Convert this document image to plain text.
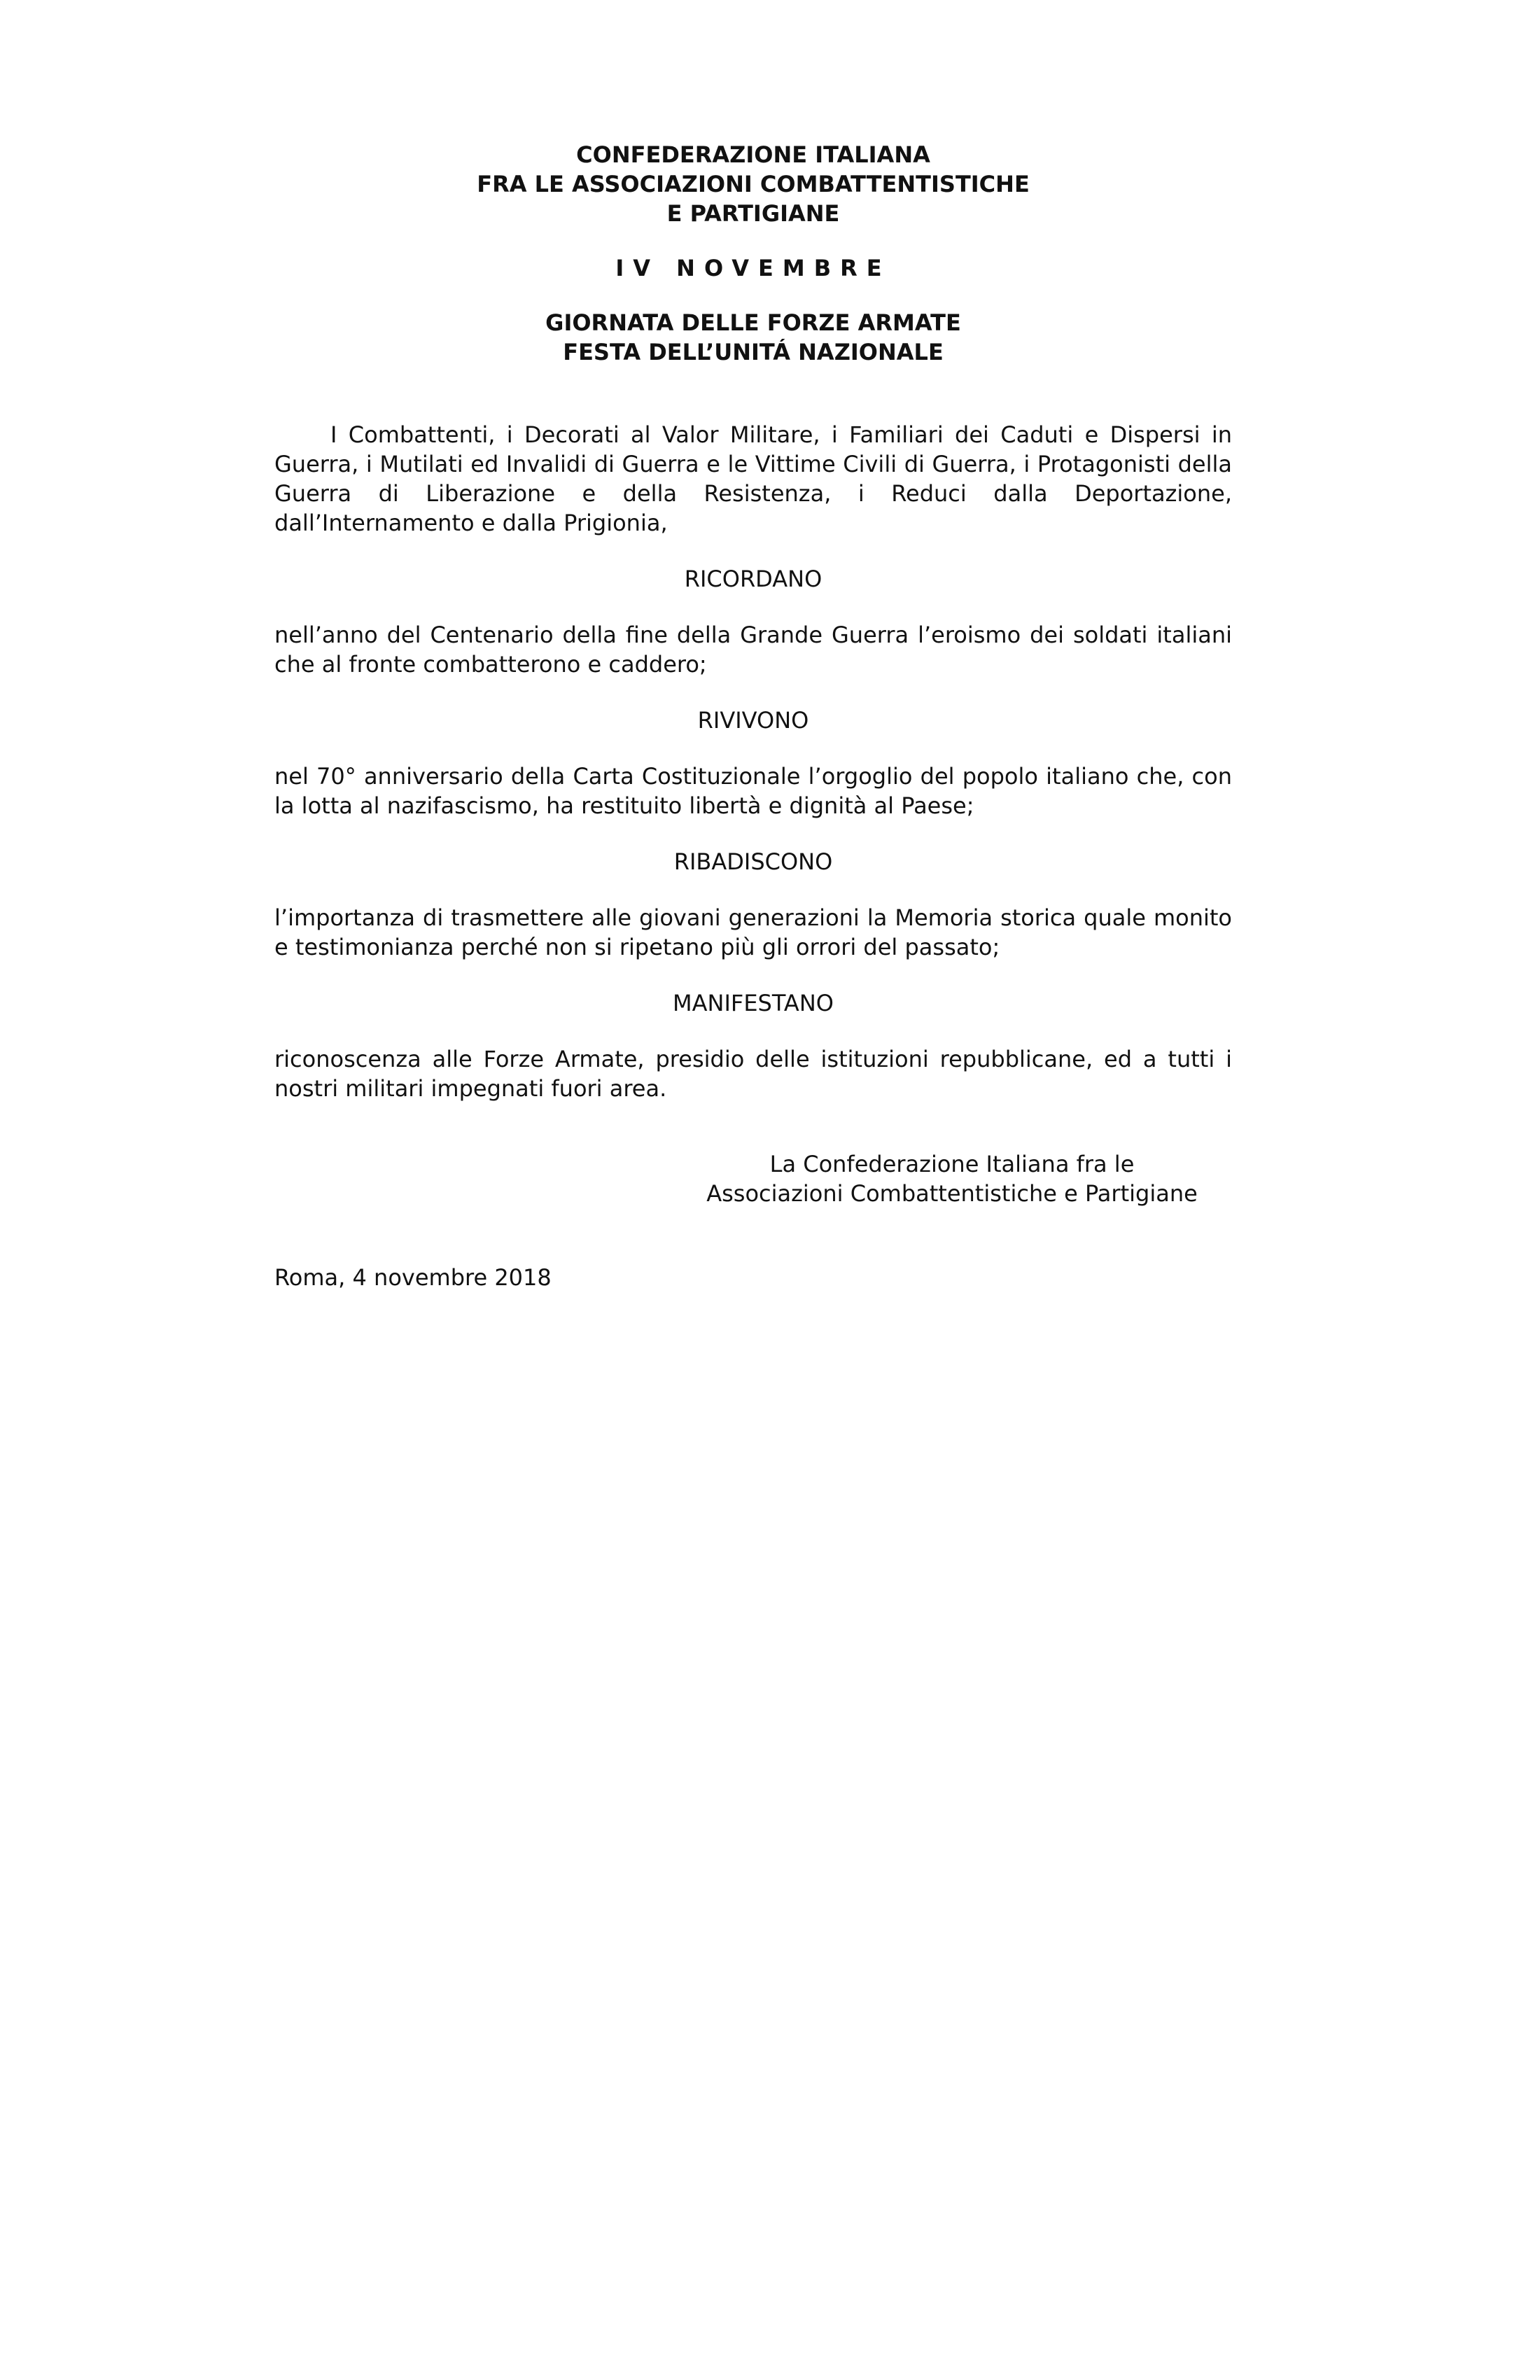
CONFEDERAZIONE ITALIANA
FRA LE ASSOCIAZIONI COMBATTENTISTICHE
E PARTIGIANE
IV NOVEMBRE
GIORNATA DELLE FORZE ARMATE
FESTA DELL’UNITÁ NAZIONALE

I Combattenti, i Decorati al Valor Militare, i Familiari dei Caduti e Dispersi in Guerra, i Mutilati ed Invalidi di Guerra e le Vittime Civili di Guerra, i Protagonisti della Guerra di Liberazione e della Resistenza, i Reduci dalla Deportazione, dall’Internamento e dalla Prigionia,

RICORDANO

nell’anno del Centenario della fine della Grande Guerra l’eroismo dei soldati italiani che al fronte combatterono e caddero;

RIVIVONO

nel 70° anniversario della Carta Costituzionale l’orgoglio del popolo italiano che, con la lotta al nazifascismo, ha restituito libertà e dignità al Paese;

RIBADISCONO

l’importanza di trasmettere alle giovani generazioni la Memoria storica quale monito e testimonianza perché non si ripetano più gli orrori del passato;

MANIFESTANO

riconoscenza alle Forze Armate, presidio delle istituzioni repubblicane, ed a tutti i nostri militari impegnati fuori area.

La Confederazione Italiana fra le
Associazioni Combattentistiche e Partigiane
Roma, 4 novembre 2018
